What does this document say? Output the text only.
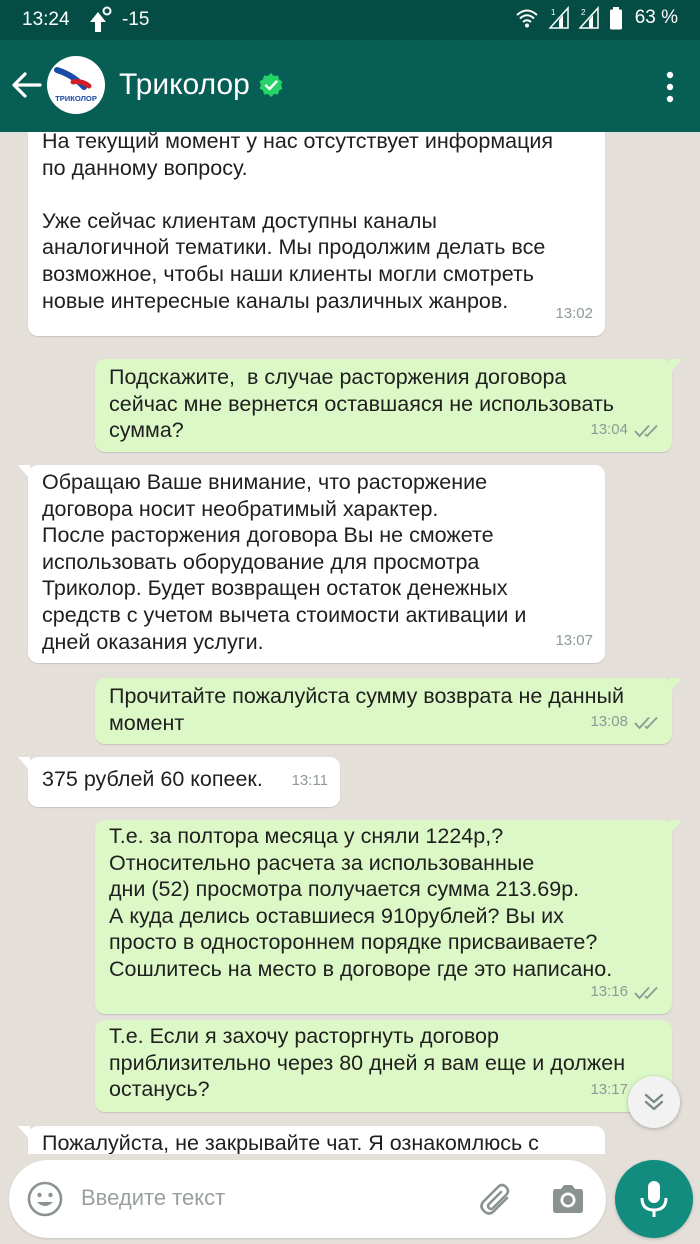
13:24	-15	1	2	63 %
ТРИКОЛОР Триколор
На текущий момент у нас отсутствует информация
по данному вопросу.

Уже сейчас клиентам доступны каналы
аналогичной тематики. Мы продолжим делать все
возможное, чтобы наши клиенты могли смотреть
новые интересные каналы различных жанров.
13:02
Подскажите,  в случае расторжения договора
сейчас мне вернется оставшаяся не использовать
сумма?	13:04
Обращаю Ваше внимание, что расторжение
договора носит необратимый характер.
После расторжения договора Вы не сможете
использовать оборудование для просмотра
Триколор. Будет возвращен остаток денежных
средств с учетом вычета стоимости активации и
дней оказания услуги.	13:07
Прочитайте пожалуйста сумму возврата не данный
момент	13:08
375 рублей 60 копеек.	13:11
Т.е. за полтора месяца у сняли 1224р,?
Относительно расчета за использованные
дни (52) просмотра получается сумма 213.69р.
А куда делись оставшиеся 910рублей? Вы их
просто в одностороннем порядке присваиваете?
Сошлитесь на место в договоре где это написано.
13:16
Т.е. Если я захочу расторгнуть договор
приблизительно через 80 дней я вам еще и должен
останусь?	13:17
Пожалуйста, не закрывайте чат. Я ознакомлюсь с
Введите текст
